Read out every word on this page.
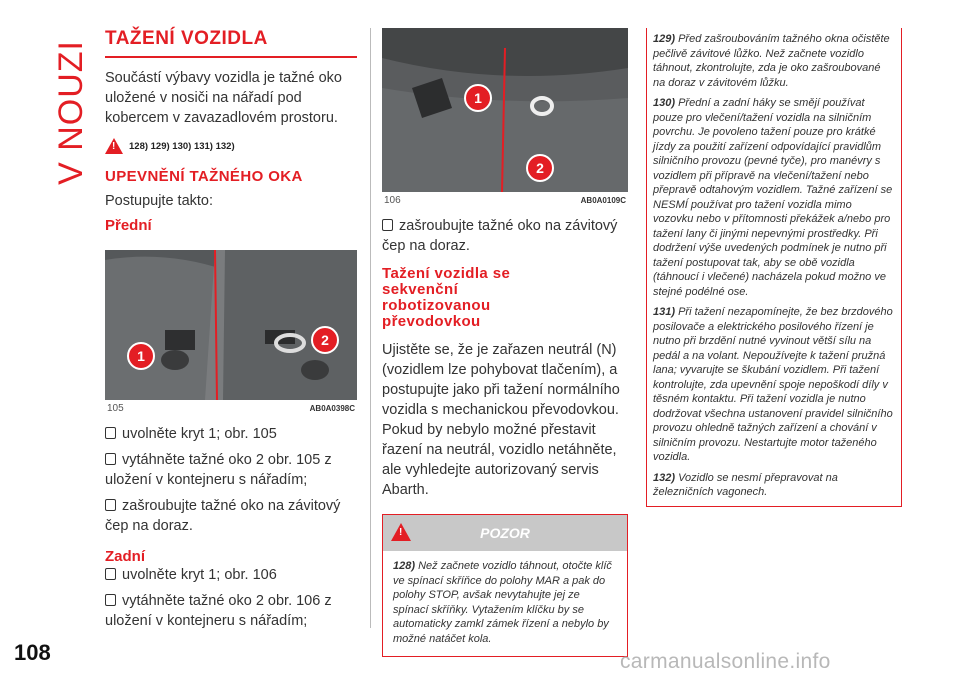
V NOUZI
TAŽENÍ VOZIDLA

Součástí výbavy vozidla je tažné oko uložené v nosiči na nářadí pod kobercem v zavazadlovém prostoru.

! 128) 129) 130) 131) 132)
UPEVNĚNÍ TAŽNÉHO OKA

Postupujte takto:

Přední
1
2
105	AB0A0398C

uvolněte kryt 1; obr. 105

vytáhněte tažné oko 2 obr. 105 z uložení v kontejneru s nářadím;

zašroubujte tažné oko na závitový čep na doraz.

Zadní

uvolněte kryt 1; obr. 106

vytáhněte tažné oko 2 obr. 106 z uložení v kontejneru s nářadím;

1
2
106	AB0A0109C

zašroubujte tažné oko na závitový čep na doraz.

Tažení vozidla se sekvenční robotizovanou převodovkou

Ujistěte se, že je zařazen neutrál (N) (vozidlem lze pohybovat tlačením), a postupujte jako při tažení normálního vozidla s mechanickou převodovkou. Pokud by nebylo možné přestavit řazení na neutrál, vozidlo netáhněte, ale vyhledejte autorizovaný servis Abarth.

!	POZOR
128) Než začnete vozidlo táhnout, otočte klíč ve spínací skříňce do polohy MAR a pak do polohy STOP, avšak nevytahujte jej ze spínací skříňky. Vytažením klíčku by se automaticky zamkl zámek řízení a nebylo by možné natáčet kola.

129) Před zašroubováním tažného okna očistěte pečlivě závitové lůžko. Než začnete vozidlo táhnout, zkontrolujte, zda je oko zašroubované na doraz v závitovém lůžku.

130) Přední a zadní háky se smějí používat pouze pro vlečení/tažení vozidla na silničním povrchu. Je povoleno tažení pouze pro krátké jízdy za použití zařízení odpovídající pravidlům silničního provozu (pevné tyče), pro manévry s vozidlem při přípravě na vlečení/tažení nebo přepravě odtahovým vozidlem. Tažné zařízení se NESMÍ používat pro tažení vozidla mimo vozovku nebo v přítomnosti překážek a/nebo pro tažení lany či jinými nepevnými prostředky. Při dodržení výše uvedených podmínek je nutno při tažení postupovat tak, aby se obě vozidla (táhnoucí i vlečené) nacházela pokud možno ve stejné podélné ose.

131) Při tažení nezapomínejte, že bez brzdového posilovače a elektrického posilového řízení je nutno při brzdění nutné vyvinout větší sílu na pedál a na volant. Nepoužívejte k tažení pružná lana; vyvarujte se škubání vozidlem. Při tažení kontrolujte, zda upevnění spoje nepoškodí díly v těsném kontaktu. Při tažení vozidla je nutno dodržovat všechna ustanovení pravidel silničního provozu ohledně tažných zařízení a chování v silničním provozu. Nestartujte motor taženého vozidla.

132) Vozidlo se nesmí přepravovat na železničních vagonech.

108	carmanualsonline.info
